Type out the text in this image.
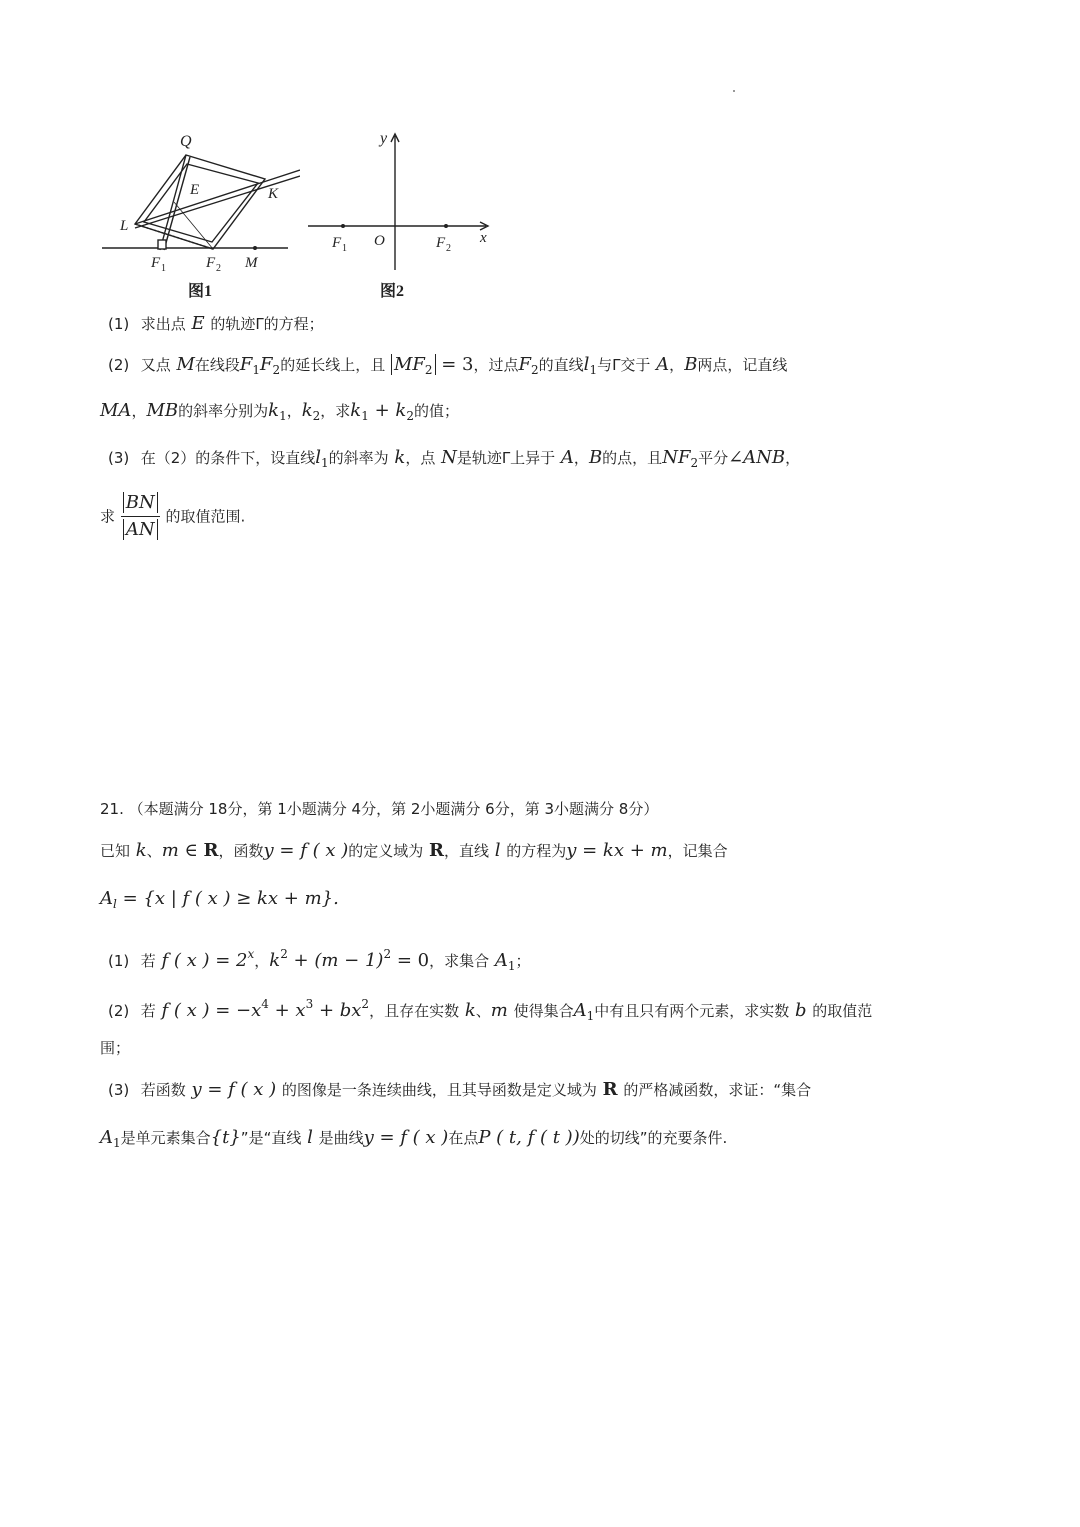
Q
E	K
L
F 1	F 2 M
图1
y
x
O
F 1	F 2
图2
(1) 求出点 E 的轨迹Γ的方程；
(2) 又点 M在线段$F_1F_2$的延长线上，且 $MF_2 = 3$，过点$F_2$的直线$l_1$与Γ交于 A，B两点，记直线
MA，MB的斜率分别为$k_1$，$k_2$，求$k_1 + k_2$的值；
(3) 在（2）的条件下，设直线$l_1$的斜率为 k，点 N是轨迹Γ上异于 A，B的点，且$NF_2$平分∠ANB，
求 $\frac{BN}{AN}$ 的取值范围.
21. （本题满分 18分，第 1小题满分 4分，第 2小题满分 6分，第 3小题满分 8分）
已知 k、m ∈ R，函数y = f ( x )的定义域为 R，直线 l 的方程为y = kx + m，记集合
$A_l = \{x$ | f ( x ) ≥ kx + m}.
(1) 若 f ( x ) = $2^x$，$k^2 + (m - 1)^2 = 0$，求集合 $A_1$；
(2) 若 f ( x ) = $-x^4 + x^3 + bx^2$，且存在实数 k、m 使得集合$A_1$中有且只有两个元素，求实数 b 的取值范
围；
(3) 若函数 y = f ( x ) 的图像是一条连续曲线，且其导函数是定义域为 R 的严格减函数，求证：“集合
$A_1$是单元素集合{t}”是“直线 l 是曲线y = f ( x )在点P ( t, f ( t ))处的切线”的充要条件.
